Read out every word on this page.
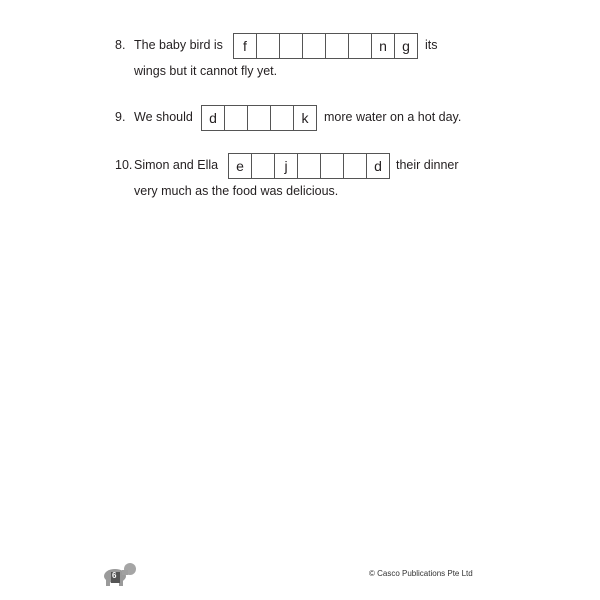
8. The baby bird is	f	n	g	its
wings but it cannot fly yet.
9. We should	d	k	more water on a hot day.
10. Simon and Ella	e	j	d	their dinner
very much as the food was delicious.
6	© Casco Publications Pte Ltd
